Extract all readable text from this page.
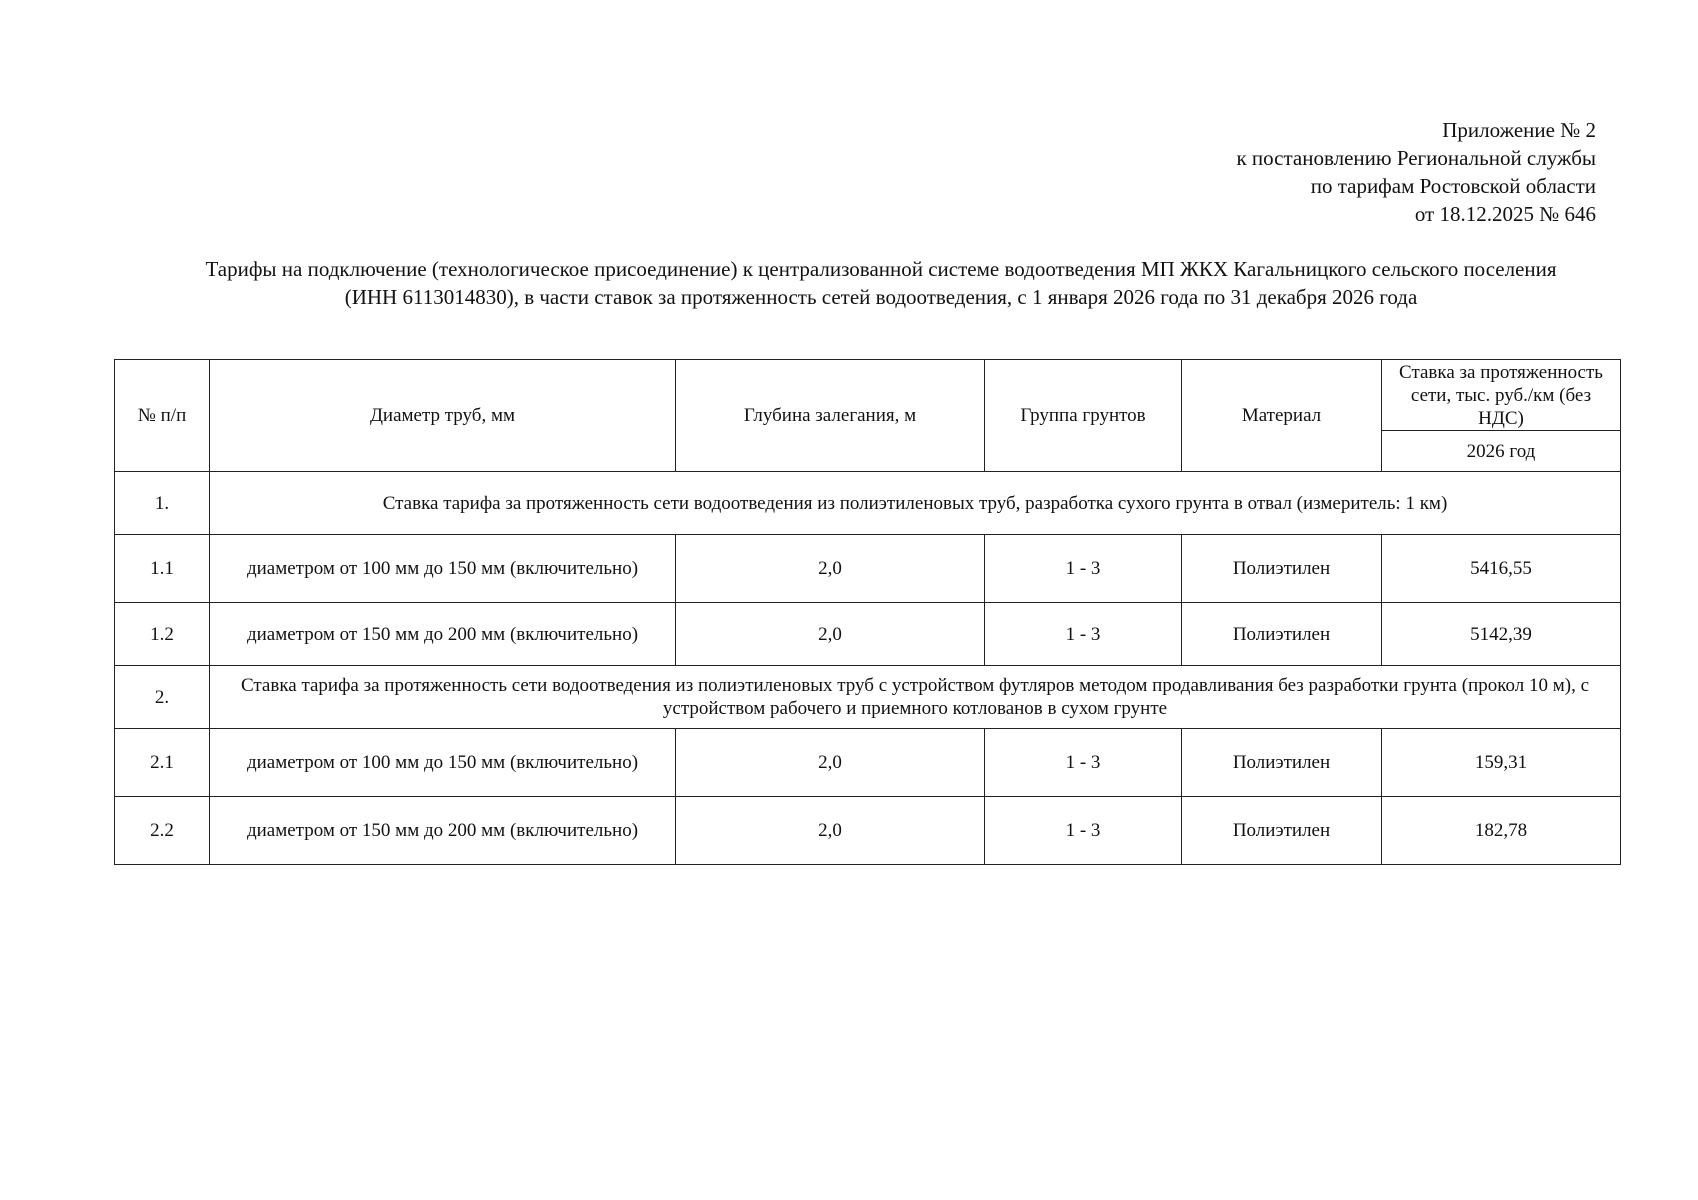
Приложение № 2
к постановлению Региональной службы
по тарифам Ростовской области
от 18.12.2025 № 646
Тарифы на подключение (технологическое присоединение) к централизованной системе водоотведения МП ЖКХ Кагальницкого сельского поселения
(ИНН 6113014830), в части ставок за протяженность сетей водоотведения, с 1 января 2026 года по 31 декабря 2026 года
№ п/п	Диаметр труб, мм	Глубина залегания, м	Группа грунтов	Материал	Ставка за протяженность сети, тыс. руб./км (без НДС)
					2026 год
1.	Ставка тарифа за протяженность сети водоотведения из полиэтиленовых труб, разработка сухого грунта в отвал (измеритель: 1 км)				
1.1	диаметром от 100 мм до 150 мм (включительно)	2,0	1 - 3	Полиэтилен	5416,55
1.2	диаметром от 150 мм до 200 мм (включительно)	2,0	1 - 3	Полиэтилен	5142,39
2.	Ставка тарифа за протяженность сети водоотведения из полиэтиленовых труб с устройством футляров методом продавливания без разработки грунта (прокол 10 м), с устройством рабочего и приемного котлованов в сухом грунте				
2.1	диаметром от 100 мм до 150 мм (включительно)	2,0	1 - 3	Полиэтилен	159,31
2.2	диаметром от 150 мм до 200 мм (включительно)	2,0	1 - 3	Полиэтилен	182,78
